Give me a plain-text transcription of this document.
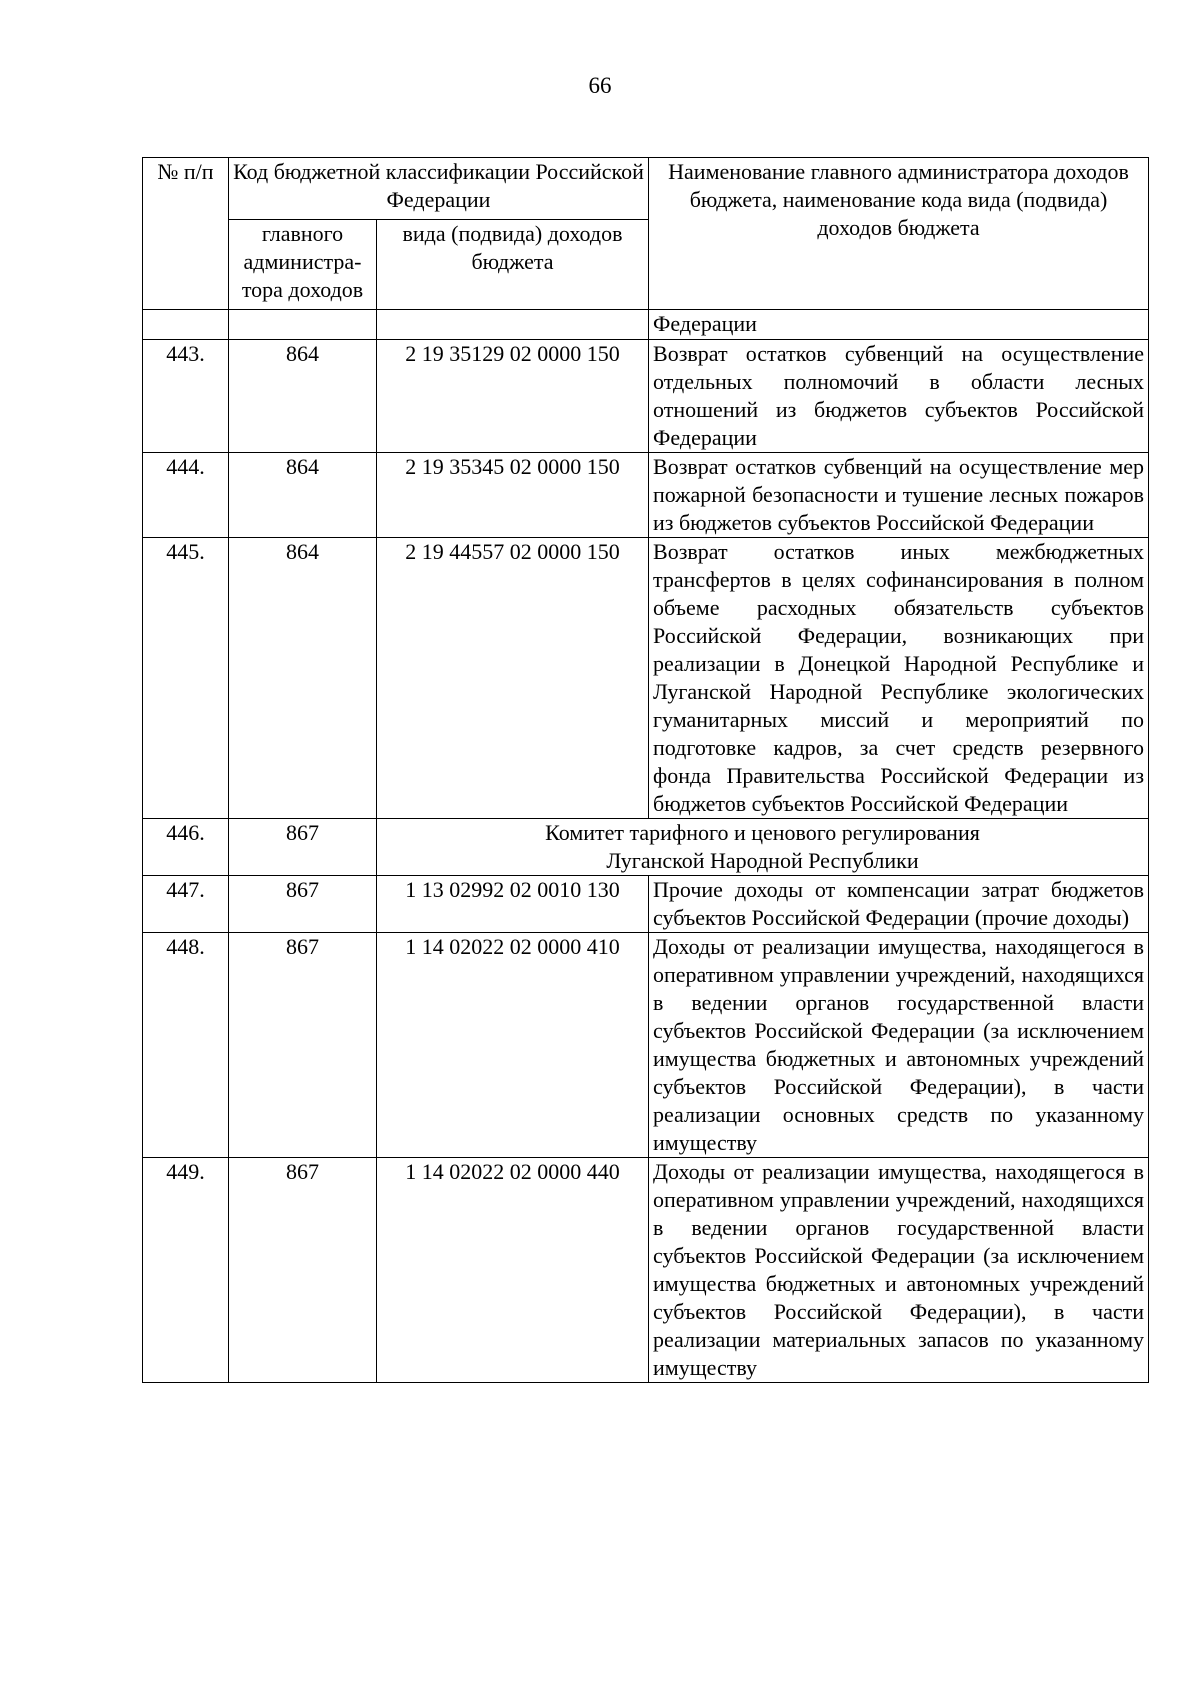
66
№ п/п	Код бюджетной классификации Российской Федерации		Наименование главного администратора доходов бюджета, наименование кода вида (подвида) доходов бюджета
	главного администра-тора доходов	вида (подвида) доходов бюджета	
			Федерации
443.	864	2 19 35129 02 0000 150	Возврат остатков субвенций на осуществление отдельных полномочий в области лесных отношений из бюджетов субъектов Российской Федерации
444.	864	2 19 35345 02 0000 150	Возврат остатков субвенций на осуществление мер пожарной безопасности и тушение лесных пожаров из бюджетов субъектов Российской Федерации
445.	864	2 19 44557 02 0000 150	Возврат остатков иных межбюджетных трансфертов в целях софинансирования в полном объеме расходных обязательств субъектов Российской Федерации, возникающих при реализации в Донецкой Народной Республике и Луганской Народной Республике экологических гуманитарных миссий и мероприятий по подготовке кадров, за счет средств резервного фонда Правительства Российской Федерации из бюджетов субъектов Российской Федерации
446.	867	Комитет тарифного и ценового регулирования
Луганской Народной Республики	

447.	867	1 13 02992 02 0010 130	Прочие доходы от компенсации затрат бюджетов субъектов Российской Федерации (прочие доходы)
448.	867	1 14 02022 02 0000 410	Доходы от реализации имущества, находящегося в оперативном управлении учреждений, находящихся в ведении органов государственной власти субъектов Российской Федерации (за исключением имущества бюджетных и автономных учреждений субъектов Российской Федерации), в части реализации основных средств по указанному имуществу
449.	867	1 14 02022 02 0000 440	Доходы от реализации имущества, находящегося в оперативном управлении учреждений, находящихся в ведении органов государственной власти субъектов Российской Федерации (за исключением имущества бюджетных и автономных учреждений субъектов Российской Федерации), в части реализации материальных запасов по указанному имуществу
